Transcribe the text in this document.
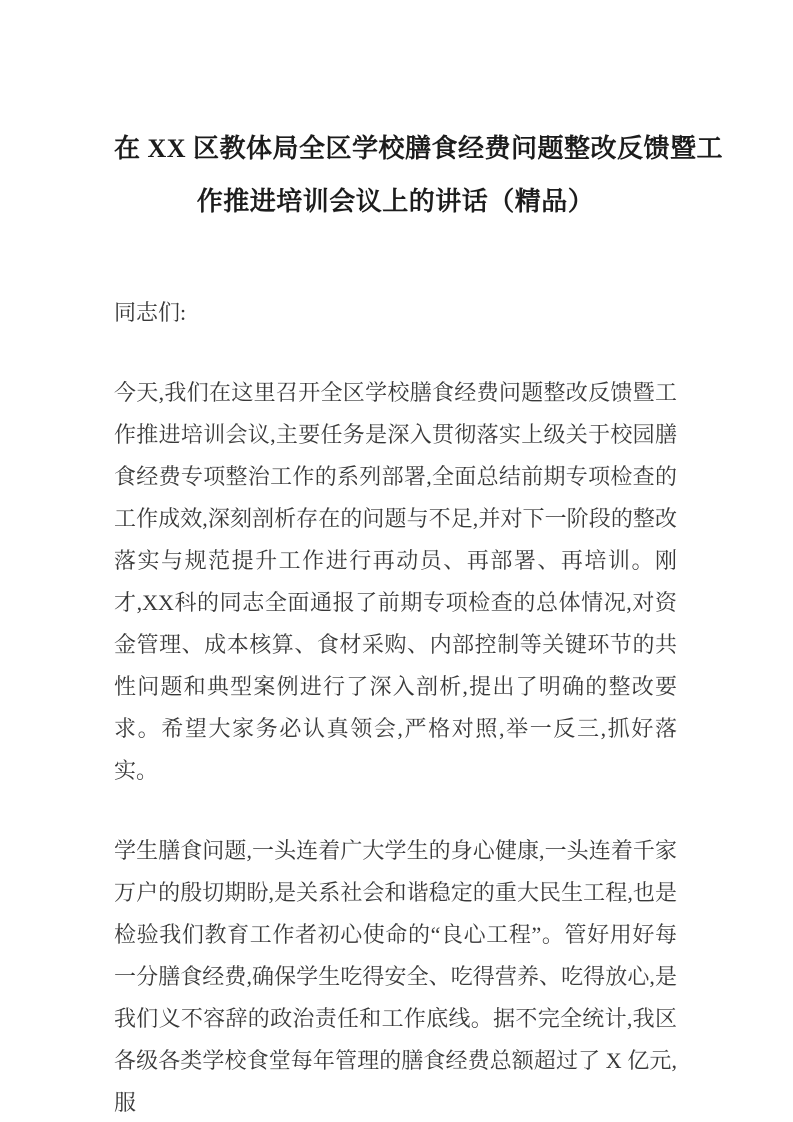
在 XX 区教体局全区学校膳食经费问题整改反馈暨工
作推进培训会议上的讲话（精品）

同志们:

今天,我们在这里召开全区学校膳食经费问题整改反馈暨工作推进培训会议,主要任务是深入贯彻落实上级关于校园膳食经费专项整治工作的系列部署,全面总结前期专项检查的工作成效,深刻剖析存在的问题与不足,并对下一阶段的整改落实与规范提升工作进行再动员、再部署、再培训。刚才,XX科的同志全面通报了前期专项检查的总体情况,对资金管理、成本核算、食材采购、内部控制等关键环节的共性问题和典型案例进行了深入剖析,提出了明确的整改要求。希望大家务必认真领会,严格对照,举一反三,抓好落实。

学生膳食问题,一头连着广大学生的身心健康,一头连着千家万户的殷切期盼,是关系社会和谐稳定的重大民生工程,也是检验我们教育工作者初心使命的“良心工程”。管好用好每一分膳食经费,确保学生吃得安全、吃得营养、吃得放心,是我们义不容辞的政治责任和工作底线。据不完全统计,我区各级各类学校食堂每年管理的膳食经费总额超过了 X 亿元,服
